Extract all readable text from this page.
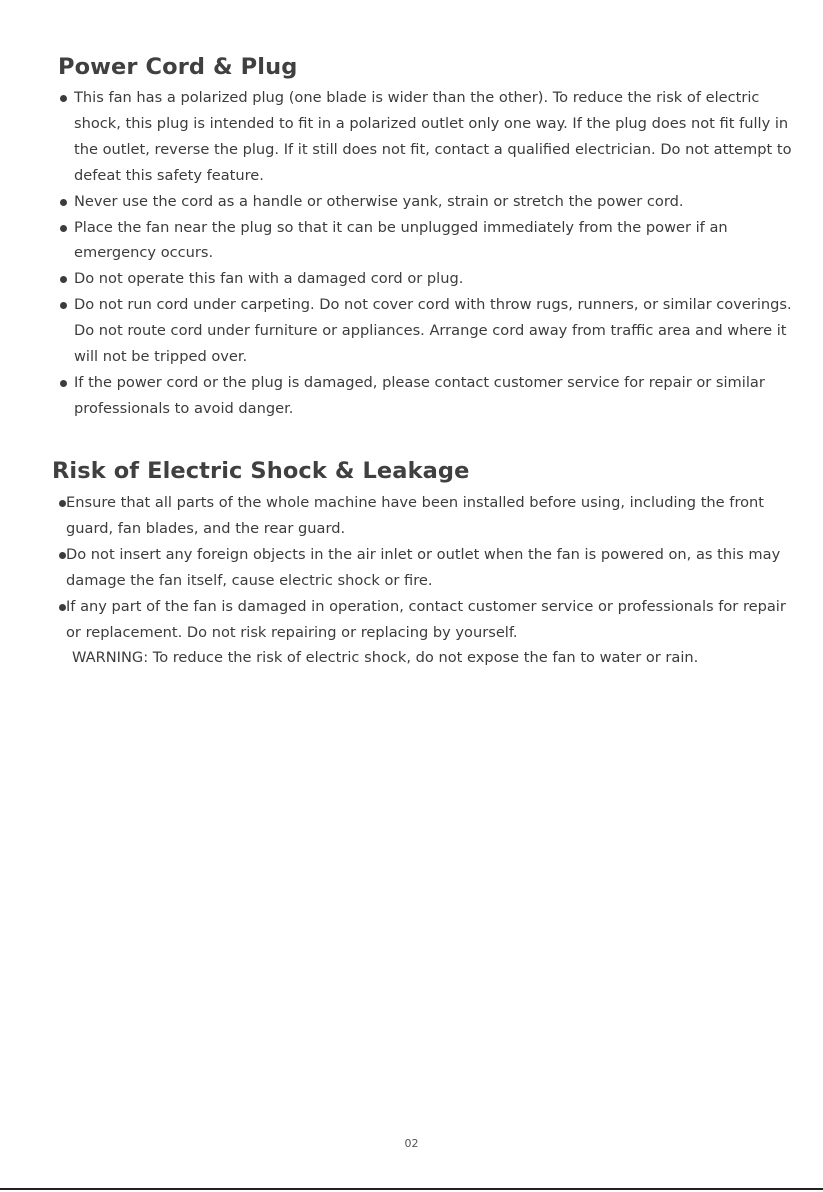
Power Cord & Plug
This fan has a polarized plug (one blade is wider than the other). To reduce the risk of electric shock, this plug is intended to fit in a polarized outlet only one way. If the plug does not fit fully in the outlet, reverse the plug. If it still does not fit, contact a qualified electrician. Do not attempt to defeat this safety feature.
Never use the cord as a handle or otherwise yank, strain or stretch the power cord.
Place the fan near the plug so that it can be unplugged immediately from the power if an emergency occurs.
Do not operate this fan with a damaged cord or plug.
Do not run cord under carpeting. Do not cover cord with throw rugs, runners, or similar coverings. Do not route cord under furniture or appliances. Arrange cord away from traffic area and where it will not be tripped over.
If the power cord or the plug is damaged, please contact customer service for repair or similar professionals to avoid danger.
Risk of Electric Shock & Leakage
Ensure that all parts of the whole machine have been installed before using, including the front guard, fan blades, and the rear guard.
Do not insert any foreign objects in the air inlet or outlet when the fan is powered on, as this may damage the fan itself, cause electric shock or fire.
If any part of the fan is damaged in operation, contact customer service or professionals for repair or replacement. Do not risk repairing or replacing by yourself.
WARNING: To reduce the risk of electric shock, do not expose the fan to water or rain.
02
